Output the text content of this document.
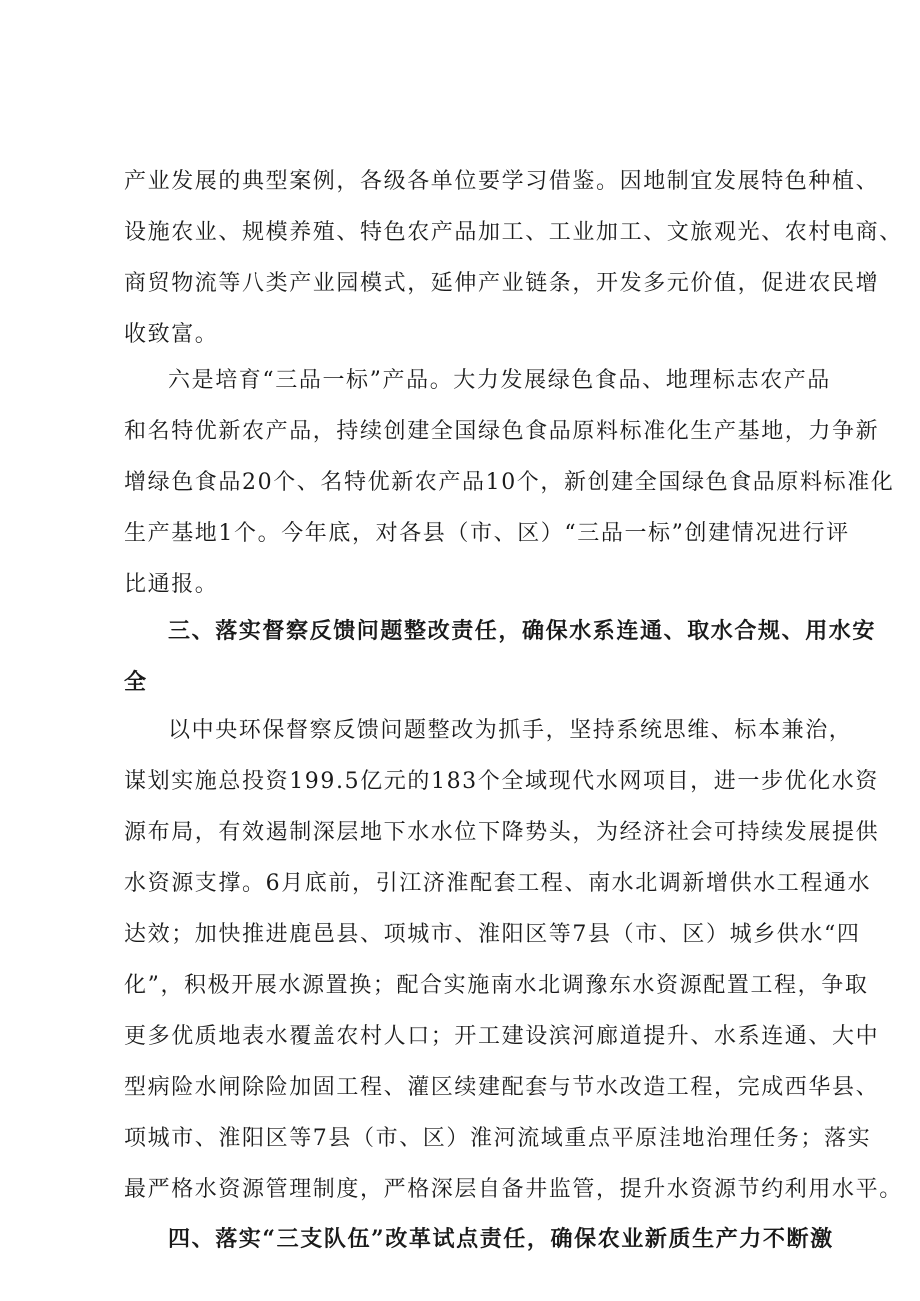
产业发展的典型案例，各级各单位要学习借鉴。因地制宜发展特色种植、
设施农业、规模养殖、特色农产品加工、工业加工、文旅观光、农村电商、
商贸物流等八类产业园模式，延伸产业链条，开发多元价值，促进农民增
收致富。
六是培育“三品一标”产品。大力发展绿色食品、地理标志农产品
和名特优新农产品，持续创建全国绿色食品原料标准化生产基地，力争新
增绿色食品20个、名特优新农产品10个，新创建全国绿色食品原料标准化
生产基地1个。今年底，对各县（市、区）“三品一标”创建情况进行评
比通报。
三、落实督察反馈问题整改责任，确保水系连通、取水合规、用水安
全
以中央环保督察反馈问题整改为抓手，坚持系统思维、标本兼治，
谋划实施总投资199.5亿元的183个全域现代水网项目，进一步优化水资
源布局，有效遏制深层地下水水位下降势头，为经济社会可持续发展提供
水资源支撑。6月底前，引江济淮配套工程、南水北调新增供水工程通水
达效；加快推进鹿邑县、项城市、淮阳区等7县（市、区）城乡供水“四
化”，积极开展水源置换；配合实施南水北调豫东水资源配置工程，争取
更多优质地表水覆盖农村人口；开工建设滨河廊道提升、水系连通、大中
型病险水闸除险加固工程、灌区续建配套与节水改造工程，完成西华县、
项城市、淮阳区等7县（市、区）淮河流域重点平原洼地治理任务；落实
最严格水资源管理制度，严格深层自备井监管，提升水资源节约利用水平。
四、落实“三支队伍”改革试点责任，确保农业新质生产力不断激
